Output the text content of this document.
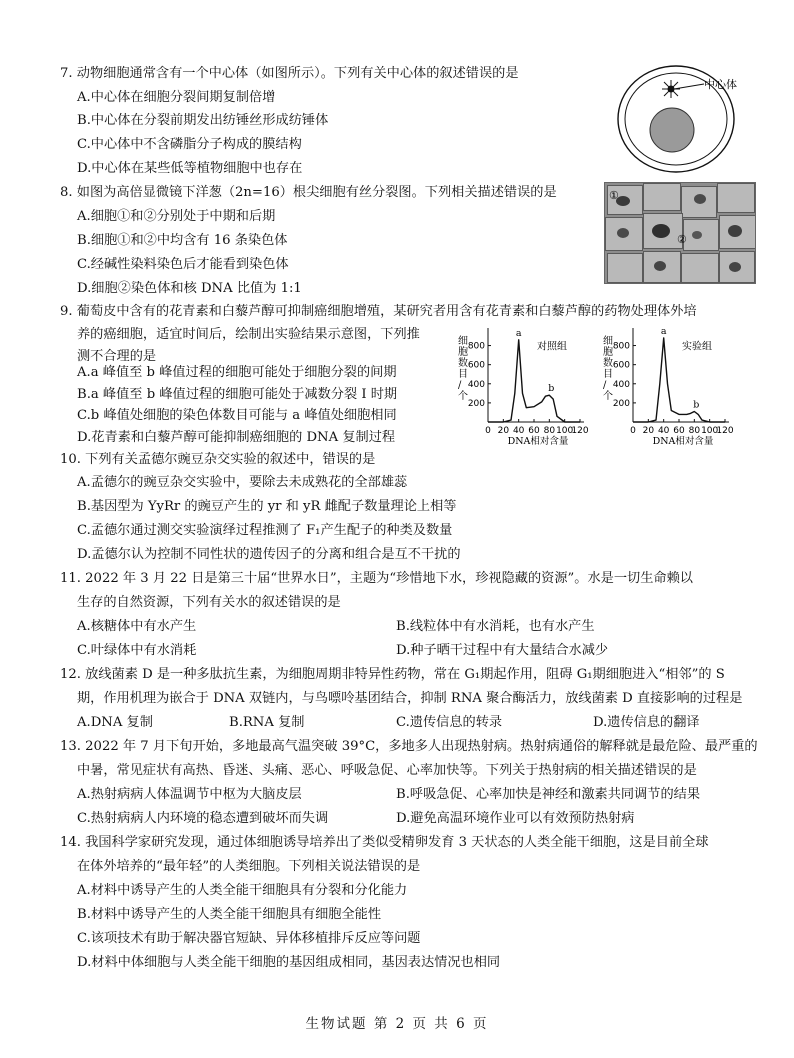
7. 动物细胞通常含有一个中心体（如图所示）。下列有关中心体的叙述错误的是
A.中心体在细胞分裂间期复制倍增
B.中心体在分裂前期发出纺锤丝形成纺锤体
C.中心体中不含磷脂分子构成的膜结构
D.中心体在某些低等植物细胞中也存在
中心体
8. 如图为高倍显微镜下洋葱（2n=16）根尖细胞有丝分裂图。下列相关描述错误的是
A.细胞①和②分别处于中期和后期
B.细胞①和②中均含有 16 条染色体
C.经碱性染料染色后才能看到染色体
D.细胞②染色体和核 DNA 比值为 1:1
①
②
9. 葡萄皮中含有的花青素和白藜芦醇可抑制癌细胞增殖，某研究者用含有花青素和白藜芦醇的药物处理体外培
养的癌细胞，适宜时间后，绘制出实验结果示意图，下列推
测不合理的是
A.a 峰值至 b 峰值过程的细胞可能处于细胞分裂的间期
B.a 峰值至 b 峰值过程的细胞可能处于减数分裂 I 时期
C.b 峰值处细胞的染色体数目可能与 a 峰值处细胞相同
D.花青素和白藜芦醇可能抑制癌细胞的 DNA 复制过程
800
600
400
200
0 20 40 60 80 100
120
细胞数目/个
DNA相对含量
对照组
a
b
800
600
400
200
0 20 40 60 80 100
120
细胞数目/个
DNA相对含量
实验组
a
b
10. 下列有关孟德尔豌豆杂交实验的叙述中，错误的是
A.孟德尔的豌豆杂交实验中，要除去未成熟花的全部雄蕊
B.基因型为 YyRr 的豌豆产生的 yr 和 yR 雌配子数量理论上相等
C.孟德尔通过测交实验演绎过程推测了 F₁产生配子的种类及数量
D.孟德尔认为控制不同性状的遗传因子的分离和组合是互不干扰的
11. 2022 年 3 月 22 日是第三十届“世界水日”，主题为“珍惜地下水，珍视隐藏的资源”。水是一切生命赖以
生存的自然资源，下列有关水的叙述错误的是
A.核糖体中有水产生	B.线粒体中有水消耗，也有水产生
C.叶绿体中有水消耗	D.种子晒干过程中有大量结合水减少
12. 放线菌素 D 是一种多肽抗生素，为细胞周期非特异性药物，常在 G₁期起作用，阻碍 G₁期细胞进入“相邻”的 S
期，作用机理为嵌合于 DNA 双链内，与鸟嘌呤基团结合，抑制 RNA 聚合酶活力，放线菌素 D 直接影响的过程是
A.DNA 复制	B.RNA 复制	C.遗传信息的转录	D.遗传信息的翻译
13. 2022 年 7 月下旬开始，多地最高气温突破 39°C，多地多人出现热射病。热射病通俗的解释就是最危险、最严重的
中暑，常见症状有高热、昏迷、头痛、恶心、呼吸急促、心率加快等。下列关于热射病的相关描述错误的是
A.热射病病人体温调节中枢为大脑皮层	B.呼吸急促、心率加快是神经和激素共同调节的结果
C.热射病病人内环境的稳态遭到破坏而失调	D.避免高温环境作业可以有效预防热射病
14. 我国科学家研究发现，通过体细胞诱导培养出了类似受精卵发育 3 天状态的人类全能干细胞，这是目前全球
在体外培养的“最年轻”的人类细胞。下列相关说法错误的是
A.材料中诱导产生的人类全能干细胞具有分裂和分化能力
B.材料中诱导产生的人类全能干细胞具有细胞全能性
C.该项技术有助于解决器官短缺、异体移植排斥反应等问题
D.材料中体细胞与人类全能干细胞的基因组成相同，基因表达情况也相同
生物试题 第 2 页 共 6 页
